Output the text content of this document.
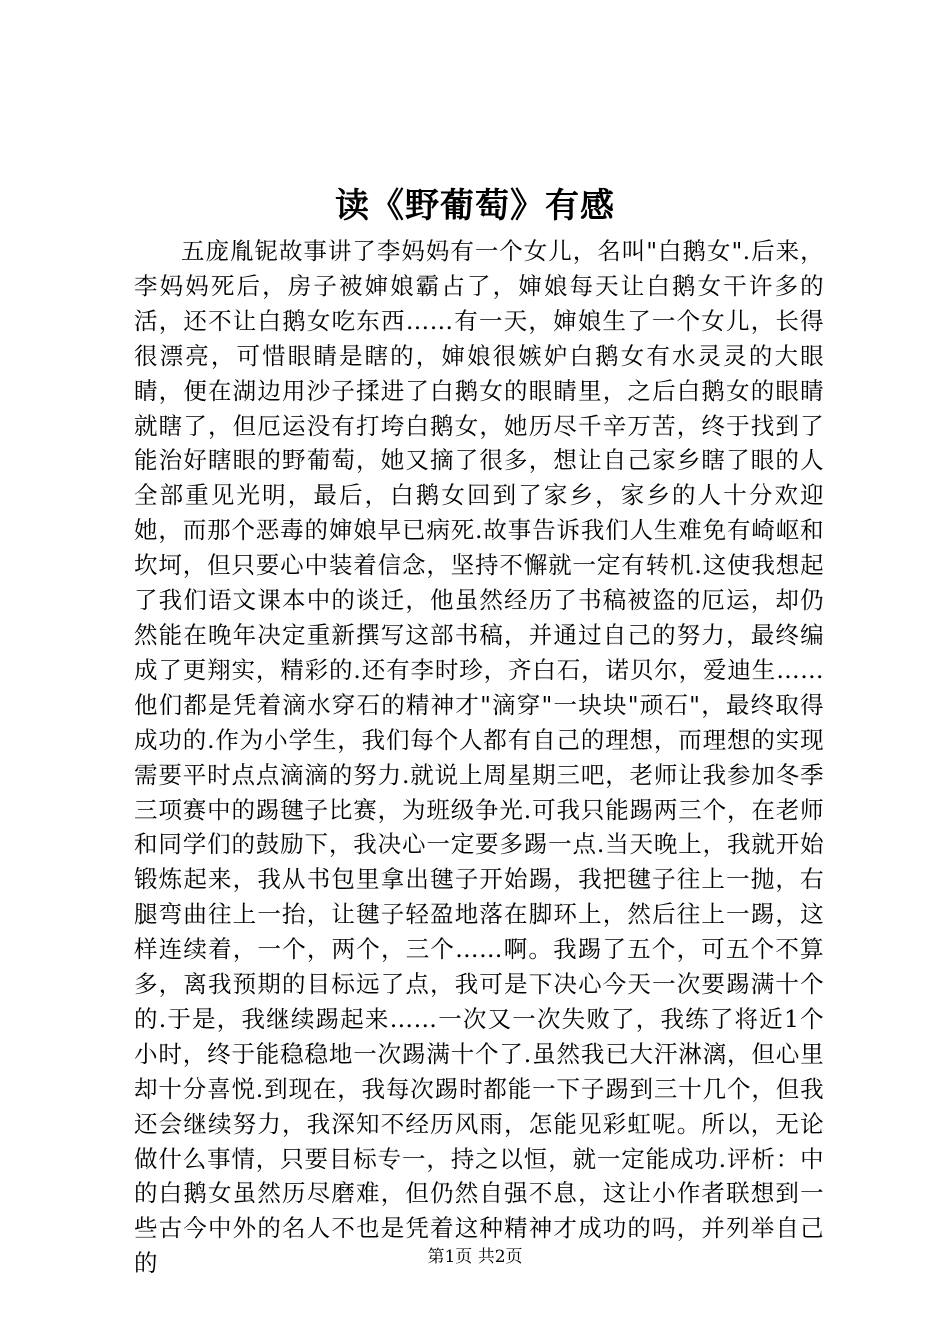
读《野葡萄》有感

五庞胤铌故事讲了李妈妈有一个女儿，名叫"白鹅女".后来，李妈妈死后，房子被婶娘霸占了，婶娘每天让白鹅女干许多的活，还不让白鹅女吃东西……有一天，婶娘生了一个女儿，长得很漂亮，可惜眼睛是瞎的，婶娘很嫉妒白鹅女有水灵灵的大眼睛，便在湖边用沙子揉进了白鹅女的眼睛里，之后白鹅女的眼睛就瞎了，但厄运没有打垮白鹅女，她历尽千辛万苦，终于找到了能治好瞎眼的野葡萄，她又摘了很多，想让自己家乡瞎了眼的人全部重见光明，最后，白鹅女回到了家乡，家乡的人十分欢迎她，而那个恶毒的婶娘早已病死.故事告诉我们人生难免有崎岖和坎坷，但只要心中装着信念，坚持不懈就一定有转机.这使我想起了我们语文课本中的谈迁，他虽然经历了书稿被盗的厄运，却仍然能在晚年决定重新撰写这部书稿，并通过自己的努力，最终编成了更翔实，精彩的.还有李时珍，齐白石，诺贝尔，爱迪生……他们都是凭着滴水穿石的精神才"滴穿"一块块"顽石"，最终取得成功的.作为小学生，我们每个人都有自己的理想，而理想的实现需要平时点点滴滴的努力.就说上周星期三吧，老师让我参加冬季三项赛中的踢毽子比赛，为班级争光.可我只能踢两三个，在老师和同学们的鼓励下，我决心一定要多踢一点.当天晚上，我就开始锻炼起来，我从书包里拿出毽子开始踢，我把毽子往上一抛，右腿弯曲往上一抬，让毽子轻盈地落在脚环上，然后往上一踢，这样连续着，一个，两个，三个……啊。我踢了五个，可五个不算多，离我预期的目标远了点，我可是下决心今天一次要踢满十个的.于是，我继续踢起来……一次又一次失败了，我练了将近1个小时，终于能稳稳地一次踢满十个了.虽然我已大汗淋漓，但心里却十分喜悦.到现在，我每次踢时都能一下子踢到三十几个，但我还会继续努力，我深知不经历风雨，怎能见彩虹呢。所以，无论做什么事情，只要目标专一，持之以恒，就一定能成功.评析：中的白鹅女虽然历尽磨难，但仍然自强不息，这让小作者联想到一些古今中外的名人不也是凭着这种精神才成功的吗，并列举自己的	第1页 共2页
